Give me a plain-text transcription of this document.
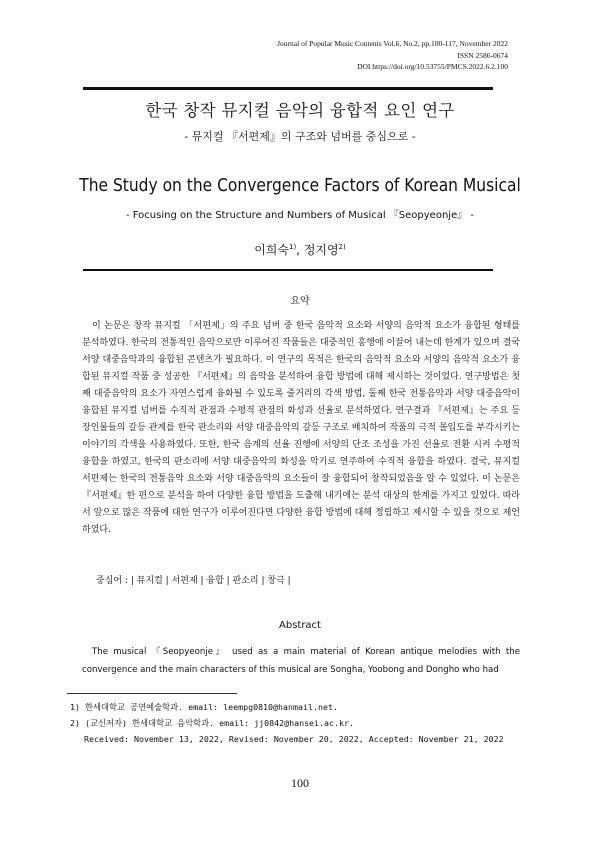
Journal of Popular Music Contents Vol.6, No.2, pp.100-117, November 2022
ISSN 2586-0674
DOI https://doi.org/10.53755/PMCS.2022.6.2.100
한국 창작 뮤지컬 음악의 융합적 요인 연구
- 뮤지컬 『서편제』의 구조와 넘버를 중심으로 -
The Study on the Convergence Factors of Korean Musical
- Focusing on the Structure and Numbers of Musical 『Seopyeonje』 -
이희숙$^{1)}$, 정지영$^{2)}$
요약

이 논문은 창작 뮤지컬 「서편제」의 주요 넘버 중 한국 음악적 요소와 서양의 음악적 요소가 융합된 형태를 분석하였다. 한국의 전통적인 음악으로만 이루어진 작품들은 대중적인 흥행에 이끌어 내는데 한계가 있으며 결국 서양 대중음악과의 융합된 콘텐츠가 필요하다. 이 연구의 목적은 한국의 음악적 요소와 서양의 음악적 요소가 융합된 뮤지컬 작품 중 성공한 『서편제』의 음악을 분석하여 융합 방법에 대해 제시하는 것이었다. 연구방법은 첫째 대중음악의 요소가 자연스럽게 융화될 수 있도록 줄거리의 각색 방법, 둘째 한국 전통음악과 서양 대중음악이 융합된 뮤지컬 넘버를 수직적 관점과 수평적 관점의 화성과 선율로 분석하였다. 연구결과 『서편제』는 주요 등장인물들의 갈등 관계를 한국 판소리와 서양 대중음악의 갈등 구조로 배치하여 작품의 극적 몰입도를 부각시키는 이야기의 각색을 사용하였다. 또한, 한국 음계의 선율 진행에 서양의 단조 조성을 가진 선율로 전환 시켜 수평적 융합을 하였고, 한국의 판소리에 서양 대중음악의 화성을 악기로 연주하여 수직적 융합을 하였다. 결국, 뮤지컬 서편제는 한국의 전통음악 요소와 서양 대중음악의 요소들이 잘 융합되어 창작되었음을 알 수 있었다. 이 논문은『서편제』한 편으로 분석을 하여 다양한 융합 방법을 도출해 내기에는 분석 대상의 한계를 가지고 있었다. 따라서 앞으로 많은 작품에 대한 연구가 이루어진다면 다양한 융합 방법에 대해 정립하고 제시할 수 있을 것으로 제언하였다.

중심어 : | 뮤지컬 | 서편제 | 융합 | 판소리 | 창극 |
Abstract

The musical 『Seopyeonje』 used as a main material of Korean antique melodies with the convergence and the main characters of this musical are Songha, Yoobong and Dongho who had

1) 한세대학교 공연예술학과. email: leempg0810@hanmail.net.
2) (교신저자) 한세대학교 음악학과. email: jj0842@hansei.ac.kr.
Received: November 13, 2022, Revised: November 20, 2022, Accepted: November 21, 2022
100
